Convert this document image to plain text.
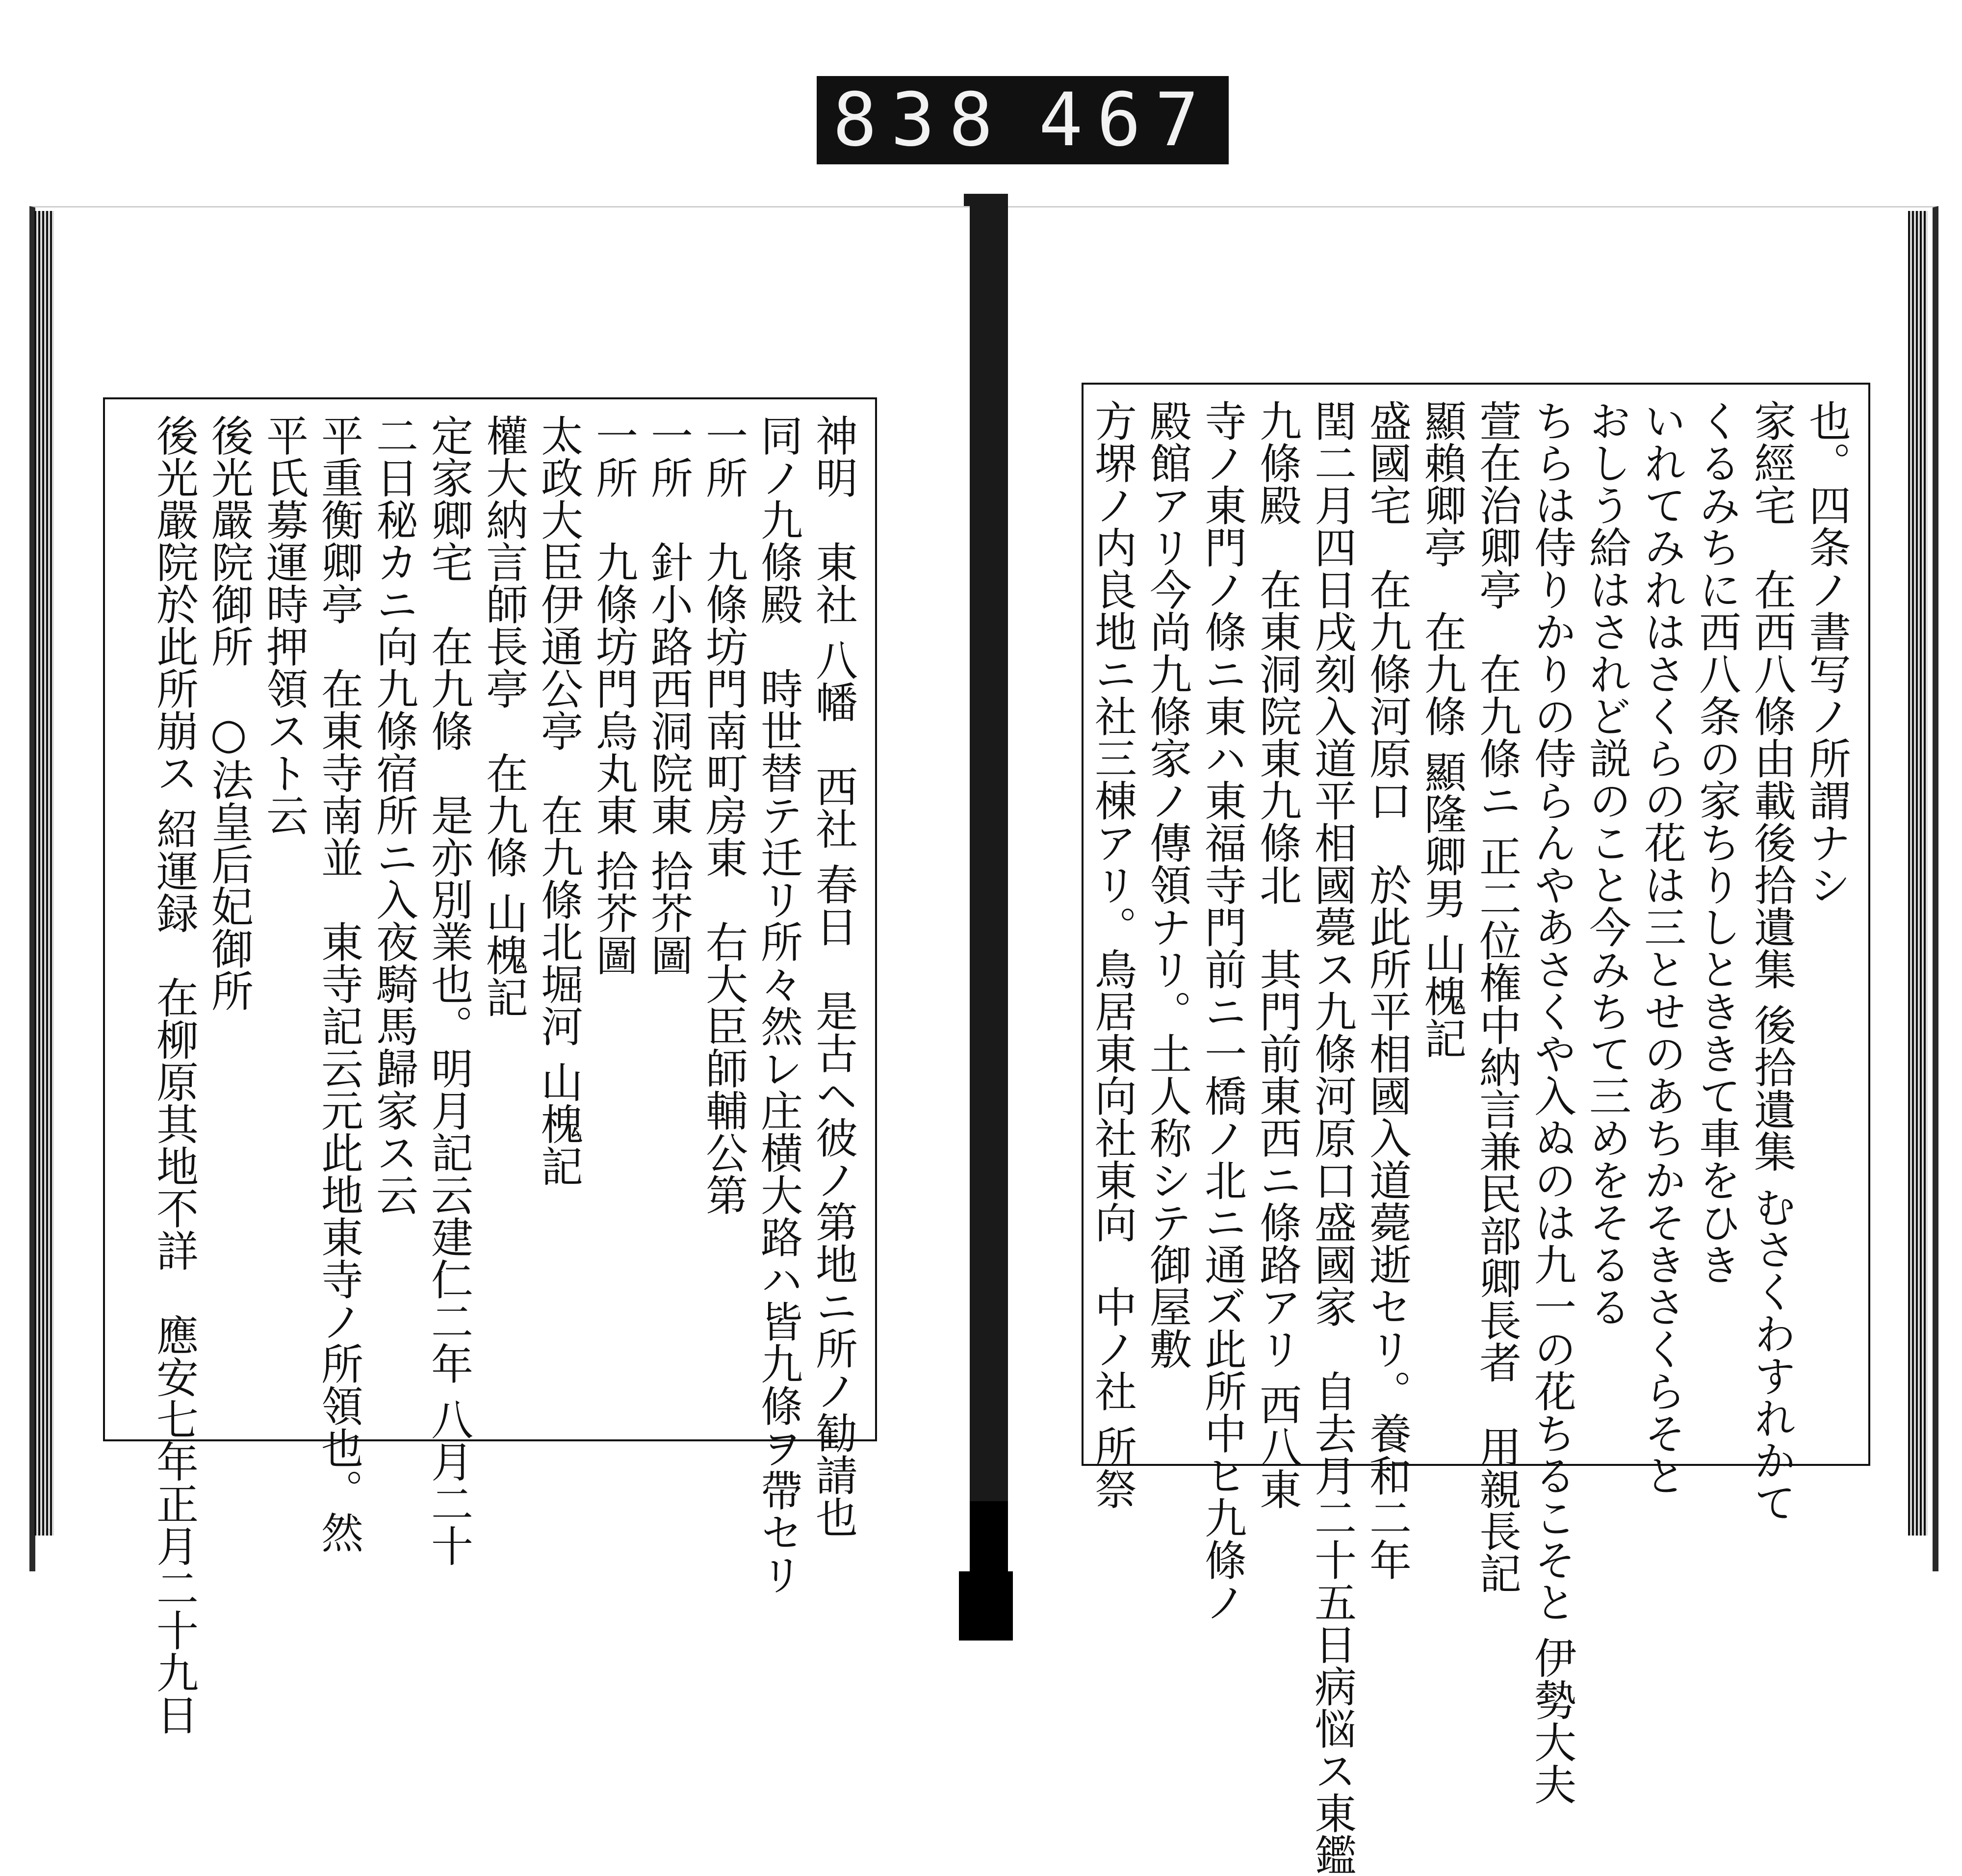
838 467
神明　東社 八幡　西社 春日　是古ヘ彼ノ第地ニ所ノ勧請也
同ノ九條殿　時世替テ迁リ所々然レ庄横大路ハ皆九條ヲ帶セリ
一所　九條坊門南町房東　右大臣師輔公第
一所　針小路西洞院東 拾芥圖
一所　九條坊門烏丸東 拾芥圖
太政大臣伊通公亭　在九條北堀河 山槐記
權大納言師長亭　在九條 山槐記
定家卿宅　在九條　是亦別業也。明月記云建仁二年 八月二十
二日秘カニ向九條宿所ニ入夜騎馬歸家ス云
平重衡卿亭　在東寺南並　東寺記云元此地東寺ノ所領也。然
平氏募運時押領スト云
後光嚴院御所　○法皇后妃御所
後光嚴院於此所崩ス 紹運録　在柳原其地不詳　應安七年正月二十九日	也。四条ノ書写ノ所謂ナシ
家經宅　在西八條由載後拾遺集 後拾遺集 むさくわすれかて
くるみちに西八条の家ちりしとききて車をひき
いれてみれはさくらの花は三とせのあちかそきさくらそと
おしう給はされど説のこと今みちて三めをそるる
ちらは侍りかりの侍らんやあさくや入ぬのは九一の花ちるこそと 伊勢大夫
萱在治卿亭　在九條ニ 正二位権中納言兼民部卿長者　用親長記
顯賴卿亭　在九條 顯隆卿男 山槐記
盛國宅　在九條河原口　於此所平相國入道薨逝セリ。養和二年
閏二月四日戌刻入道平相國薨ス九條河原口盛國家　自去月二十五日病悩ス東鑑
九條殿　在東洞院東九條北　其門前東西ニ條路アリ 西八東
寺ノ東門ノ條ニ東ハ東福寺門前ニ一橋ノ北ニ通ズ此所中ヒ九條ノ
殿館アリ今尚九條家ノ傳領ナリ。土人称シテ御屋敷
方堺ノ内良地ニ社三棟アリ。鳥居東向社東向　中ノ社 所祭
